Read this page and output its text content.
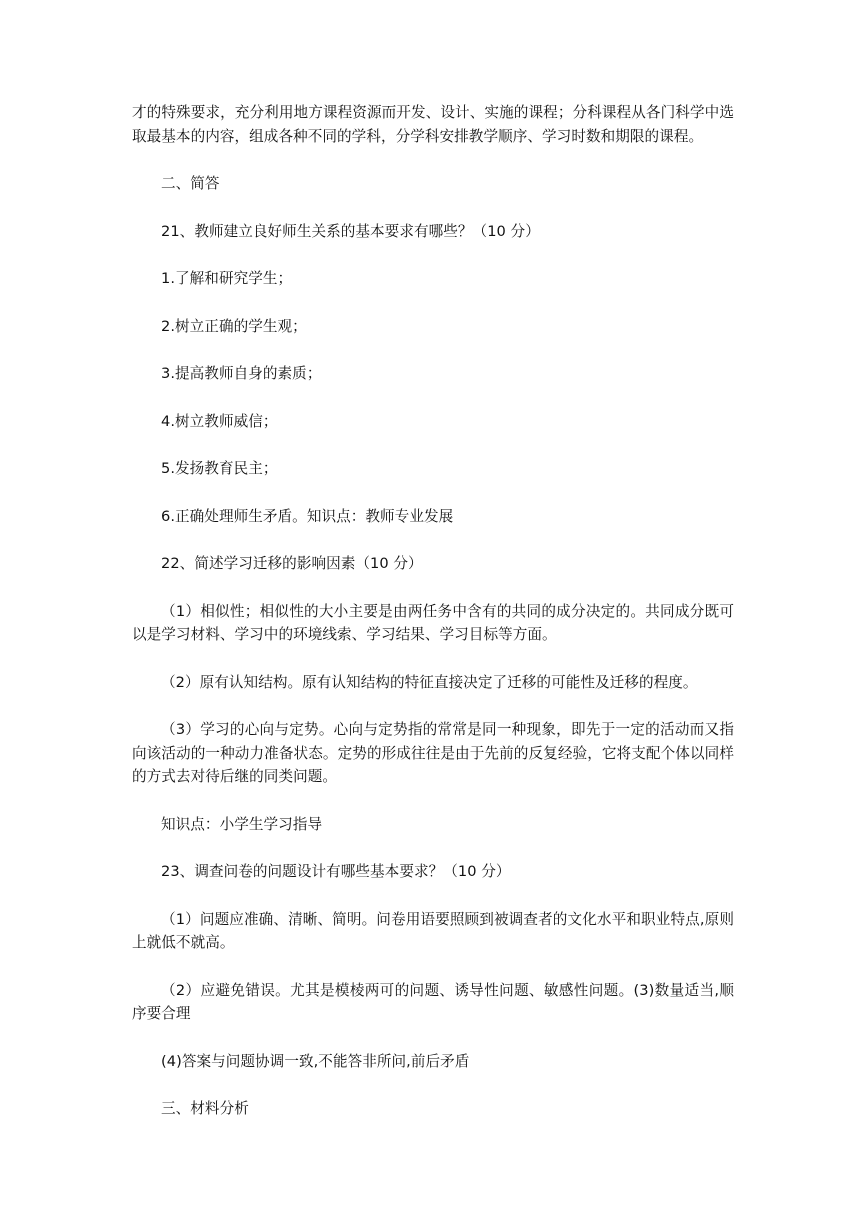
才的特殊要求，充分利用地方课程资源而开发、设计、实施的课程；分科课程从各门科学中选取最基本的内容，组成各种不同的学科，分学科安排教学顺序、学习时数和期限的课程。

二、简答

21、教师建立良好师生关系的基本要求有哪些？（10 分）

1.了解和研究学生；

2.树立正确的学生观；

3.提高教师自身的素质；

4.树立教师威信；

5.发扬教育民主；

6.正确处理师生矛盾。知识点：教师专业发展

22、简述学习迁移的影响因素（10 分）

（1）相似性；相似性的大小主要是由两任务中含有的共同的成分决定的。共同成分既可以是学习材料、学习中的环境线索、学习结果、学习目标等方面。

（2）原有认知结构。原有认知结构的特征直接决定了迁移的可能性及迁移的程度。

（3）学习的心向与定势。心向与定势指的常常是同一种现象，即先于一定的活动而又指向该活动的一种动力准备状态。定势的形成往往是由于先前的反复经验，它将支配个体以同样的方式去对待后继的同类问题。

知识点：小学生学习指导

23、调查问卷的问题设计有哪些基本要求？（10 分）

（1）问题应准确、清晰、简明。问卷用语要照顾到被调查者的文化水平和职业特点,原则上就低不就高。

（2）应避免错误。尤其是模棱两可的问题、诱导性问题、敏感性问题。(3)数量适当,顺序要合理

(4)答案与问题协调一致,不能答非所问,前后矛盾

三、材料分析
